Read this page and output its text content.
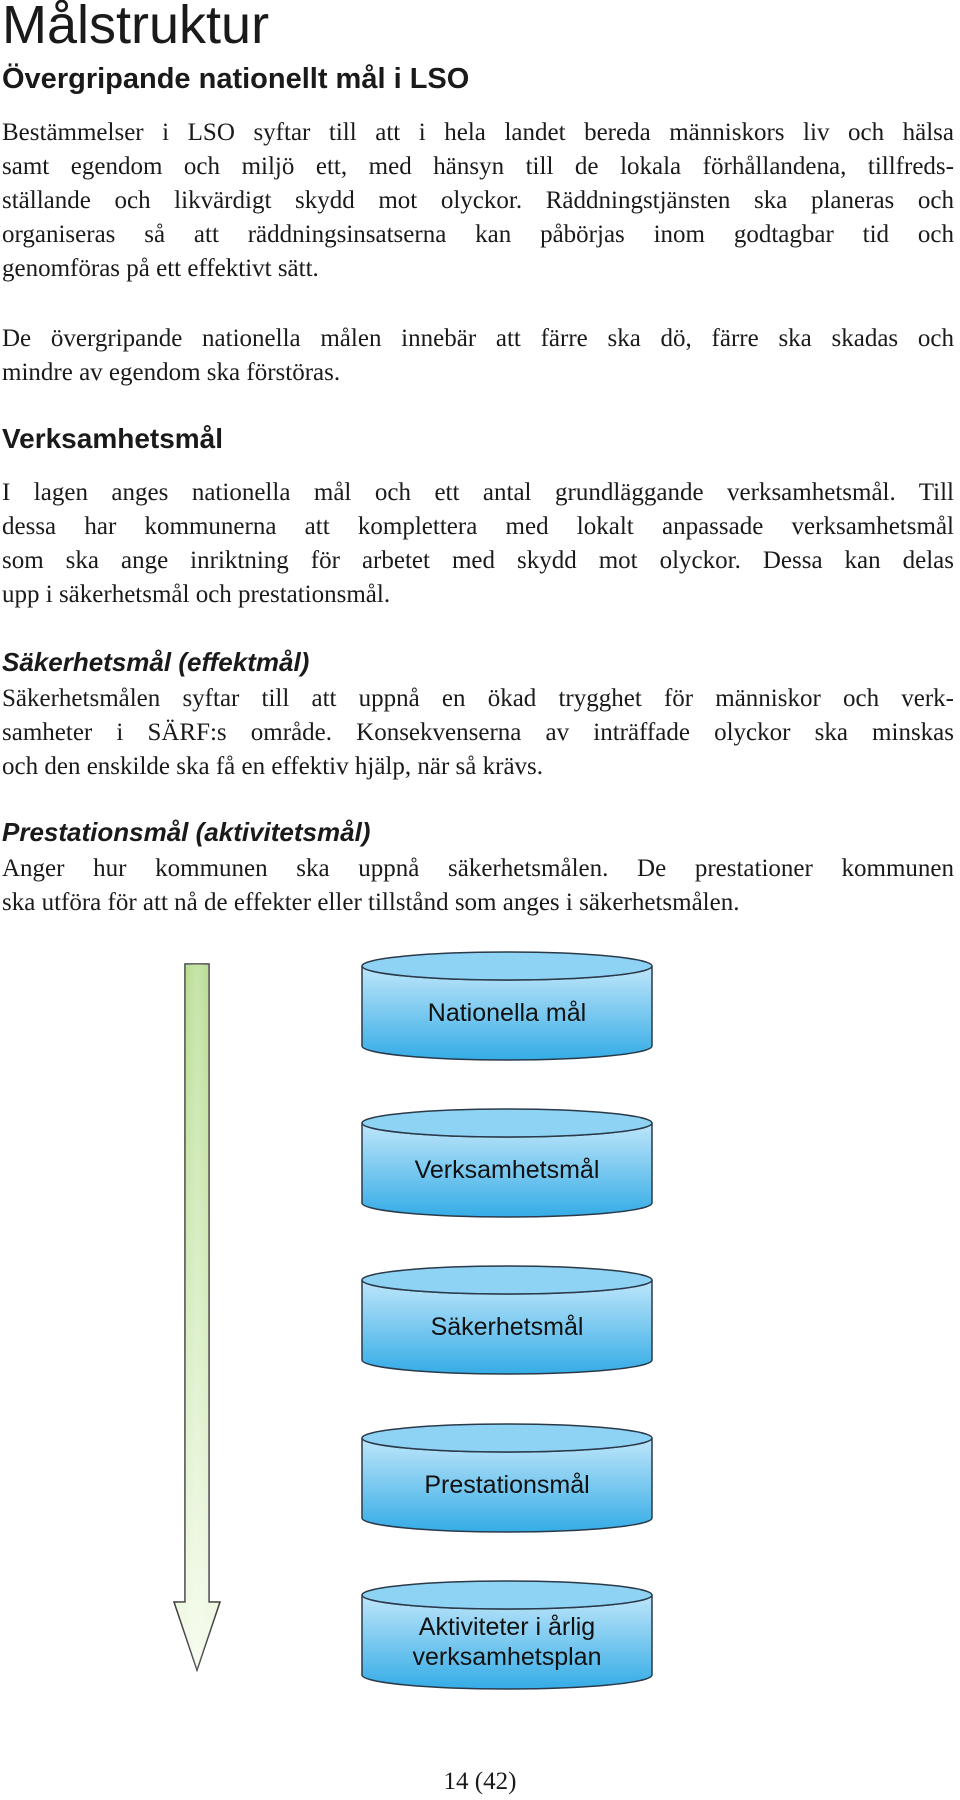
Målstruktur
Övergripande nationellt mål i LSO

Bestämmelser i LSO syftar till att i hela landet bereda människors liv och hälsa
samt egendom och miljö ett, med hänsyn till de lokala förhållandena, tillfreds-
ställande och likvärdigt skydd mot olyckor. Räddningstjänsten ska planeras och
organiseras så att räddningsinsatserna kan påbörjas inom godtagbar tid och
genomföras på ett effektivt sätt.

De övergripande nationella målen innebär att färre ska dö, färre ska skadas och
mindre av egendom ska förstöras.

Verksamhetsmål

I lagen anges nationella mål och ett antal grundläggande verksamhetsmål. Till
dessa har kommunerna att komplettera med lokalt anpassade verksamhetsmål
som ska ange inriktning för arbetet med skydd mot olyckor. Dessa kan delas
upp i säkerhetsmål och prestationsmål.

Säkerhetsmål (effektmål)

Säkerhetsmålen syftar till att uppnå en ökad trygghet för människor och verk-
samheter i SÄRF:s område. Konsekvenserna av inträffade olyckor ska minskas
och den enskilde ska få en effektiv hjälp, när så krävs.

Prestationsmål (aktivitetsmål)

Anger hur kommunen ska uppnå säkerhetsmålen. De prestationer kommunen
ska utföra för att nå de effekter eller tillstånd som anges i säkerhetsmålen.

Nationella mål
Verksamhetsmål
Säkerhetsmål
Prestationsmål
Aktiviteter i årlig
verksamhetsplan

14 (42)
